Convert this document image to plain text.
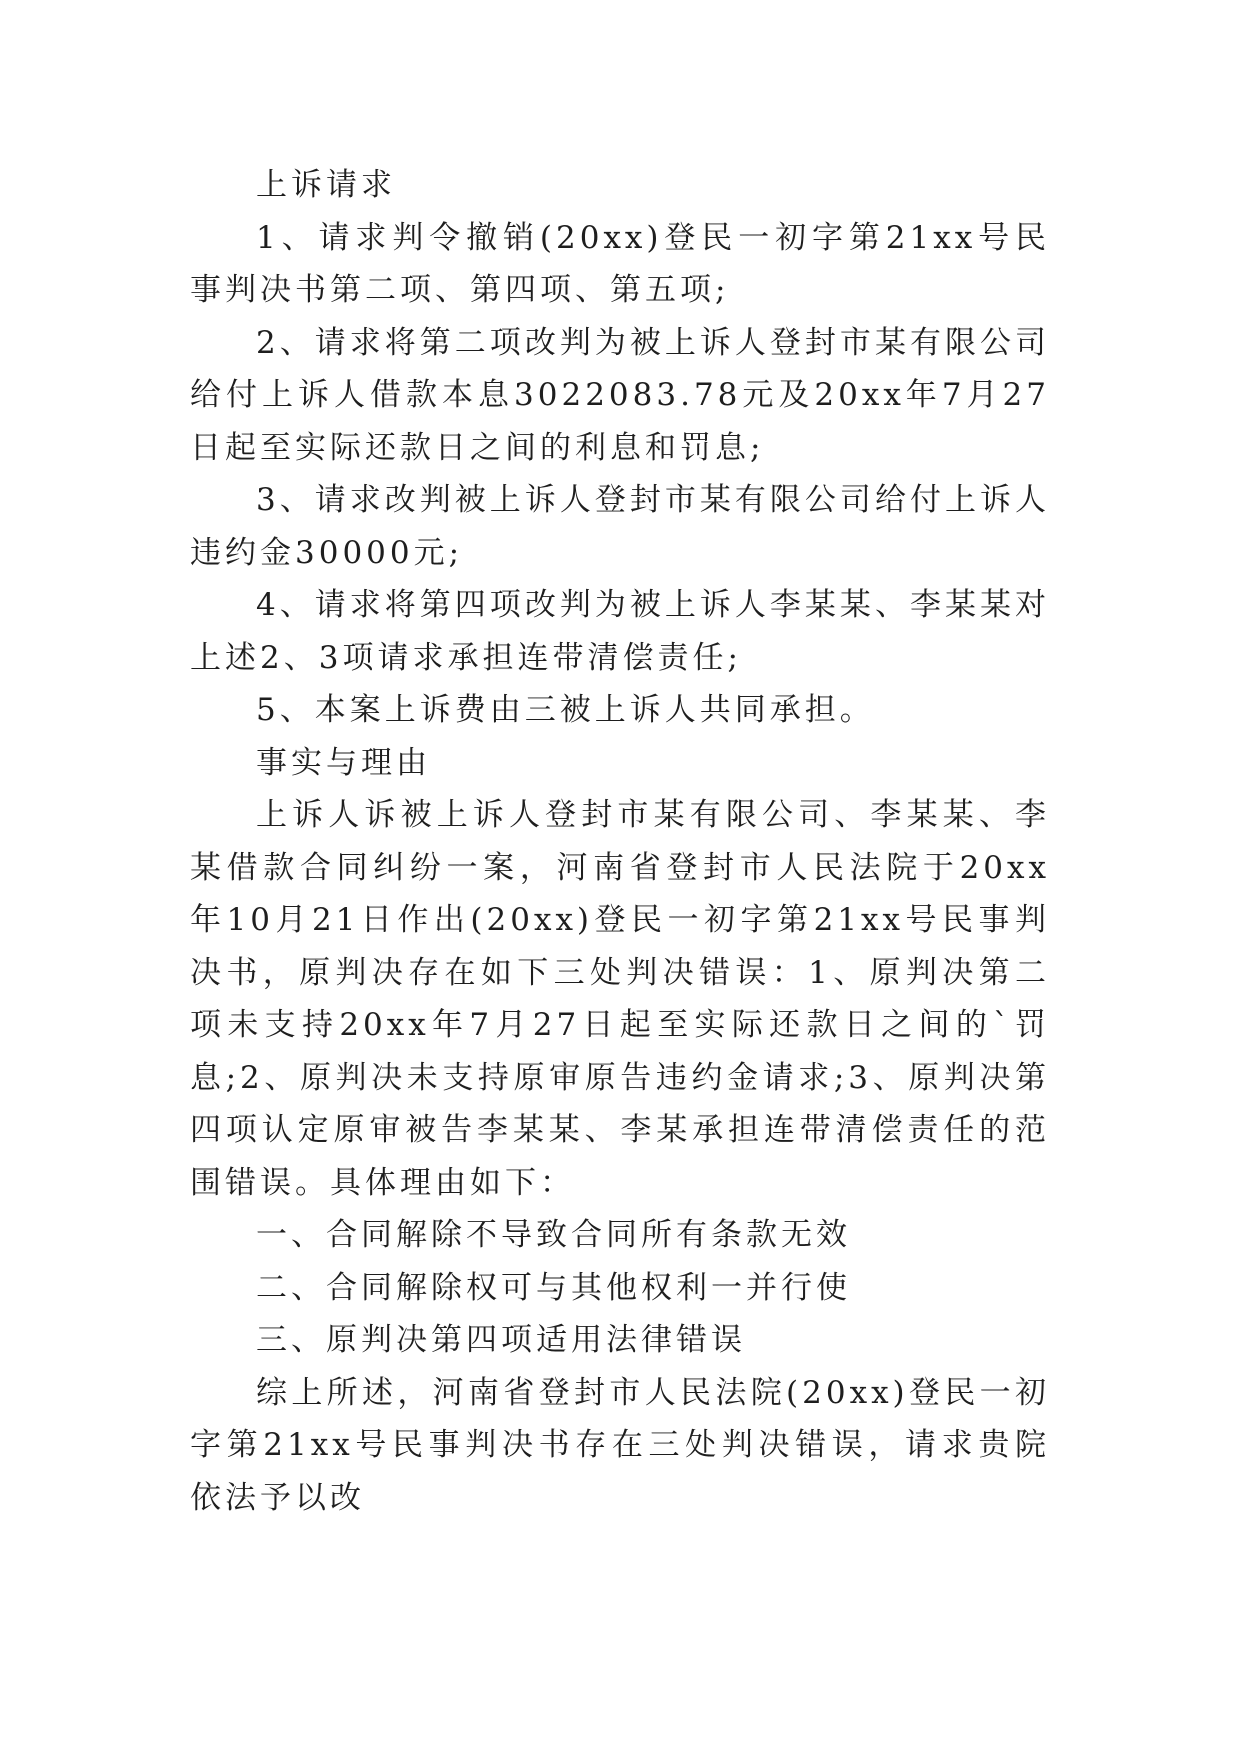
上诉请求

1、请求判令撤销(20xx)登民一初字第21xx号民事判决书第二项、第四项、第五项;

2、请求将第二项改判为被上诉人登封市某有限公司给付上诉人借款本息3022083.78元及20xx年7月27日起至实际还款日之间的利息和罚息;

3、请求改判被上诉人登封市某有限公司给付上诉人违约金30000元;

4、请求将第四项改判为被上诉人李某某、李某某对上述2、3项请求承担连带清偿责任;

5、本案上诉费由三被上诉人共同承担。

事实与理由

上诉人诉被上诉人登封市某有限公司、李某某、李某借款合同纠纷一案，河南省登封市人民法院于20xx年10月21日作出(20xx)登民一初字第21xx号民事判决书，原判决存在如下三处判决错误：1、原判决第二项未支持20xx年7月27日起至实际还款日之间的`罚息;2、原判决未支持原审原告违约金请求;3、原判决第四项认定原审被告李某某、李某承担连带清偿责任的范围错误。具体理由如下：

一、合同解除不导致合同所有条款无效

二、合同解除权可与其他权利一并行使

三、原判决第四项适用法律错误

综上所述，河南省登封市人民法院(20xx)登民一初字第21xx号民事判决书存在三处判决错误，请求贵院依法予以改
